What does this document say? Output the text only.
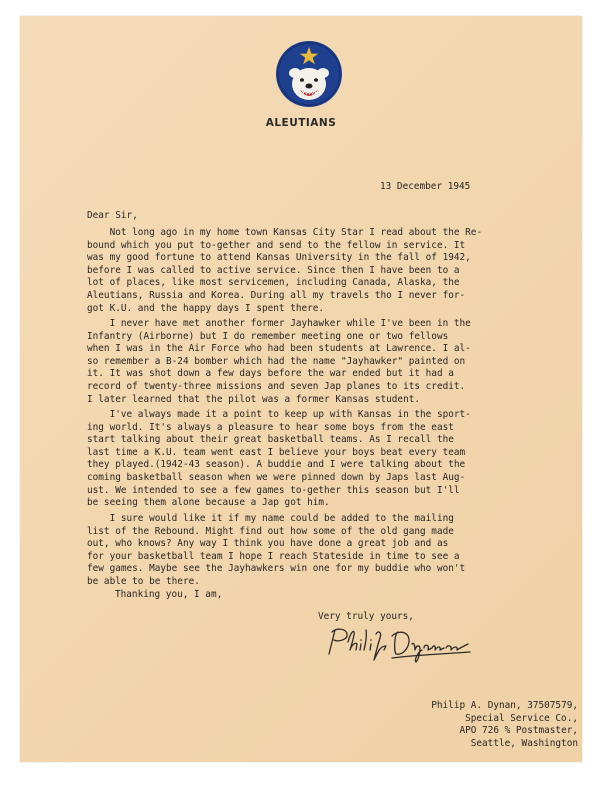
ALEUTIANS
13 December 1945
Dear Sir,
Not long ago in my home town Kansas City Star I read about the Re-
bound which you put to-gether and send to the fellow in service. It
was my good fortune to attend Kansas University in the fall of 1942,
before I was called to active service. Since then I have been to a
lot of places, like most servicemen, including Canada, Alaska, the
Aleutians, Russia and Korea. During all my travels tho I never for-
got K.U. and the happy days I spent there.
I never have met another former Jayhawker while I've been in the
Infantry (Airborne) but I do remember meeting one or two fellows
when I was in the Air Force who had been students at Lawrence. I al-
so remember a B-24 bomber which had the name "Jayhawker" painted on
it. It was shot down a few days before the war ended but it had a
record of twenty-three missions and seven Jap planes to its credit.
I later learned that the pilot was a former Kansas student.
I've always made it a point to keep up with Kansas in the sport-
ing world. It's always a pleasure to hear some boys from the east
start talking about their great basketball teams. As I recall the
last time a K.U. team went east I believe your boys beat every team
they played.(1942-43 season). A buddie and I were talking about the
coming basketball season when we were pinned down by Japs last Aug-
ust. We intended to see a few games to-gether this season but I'll
be seeing them alone because a Jap got him.
I sure would like it if my name could be added to the mailing
list of the Rebound. Might find out how some of the old gang made
out, who knows? Any way I think you have done a great job and as
for your basketball team I hope I reach Stateside in time to see a
few games. Maybe see the Jayhawkers win one for my buddie who won't
be able to be there.
Thanking you, I am,
Very truly yours,
Philip A. Dynan, 37507579,
Special Service Co.,
APO 726 % Postmaster,
Seattle, Washington
